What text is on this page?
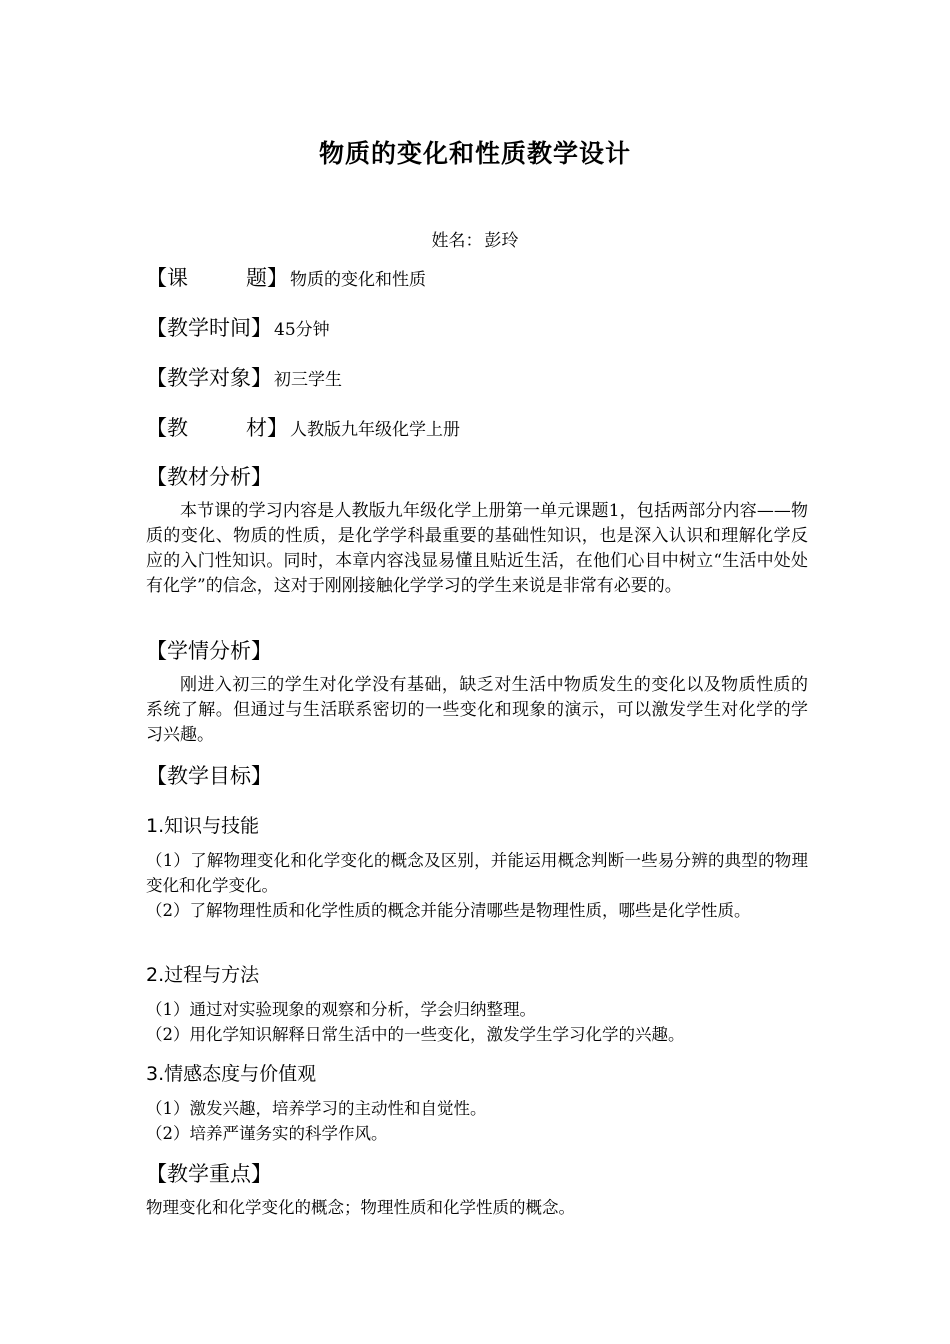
物质的变化和性质教学设计
姓名： 彭玲
【课	题】 物质的变化和性质
【教学时间】 45分钟
【教学对象】 初三学生
【教	材】 人教版九年级化学上册
【教材分析】
本节课的学习内容是人教版九年级化学上册第一单元课题1，包括两部分内容——物质的变化、物质的性质，是化学学科最重要的基础性知识，也是深入认识和理解化学反应的入门性知识。同时，本章内容浅显易懂且贴近生活，在他们心目中树立“生活中处处有化学”的信念，这对于刚刚接触化学学习的学生来说是非常有必要的。
【学情分析】
刚进入初三的学生对化学没有基础，缺乏对生活中物质发生的变化以及物质性质的系统了解。但通过与生活联系密切的一些变化和现象的演示，可以激发学生对化学的学习兴趣。
【教学目标】
1.知识与技能
（1）了解物理变化和化学变化的概念及区别，并能运用概念判断一些易分辨的典型的物理变化和化学变化。
（2）了解物理性质和化学性质的概念并能分清哪些是物理性质，哪些是化学性质。
2.过程与方法
（1）通过对实验现象的观察和分析，学会归纳整理。
（2）用化学知识解释日常生活中的一些变化，激发学生学习化学的兴趣。
3.情感态度与价值观
（1）激发兴趣，培养学习的主动性和自觉性。
（2）培养严谨务实的科学作风。
【教学重点】
物理变化和化学变化的概念；物理性质和化学性质的概念。
